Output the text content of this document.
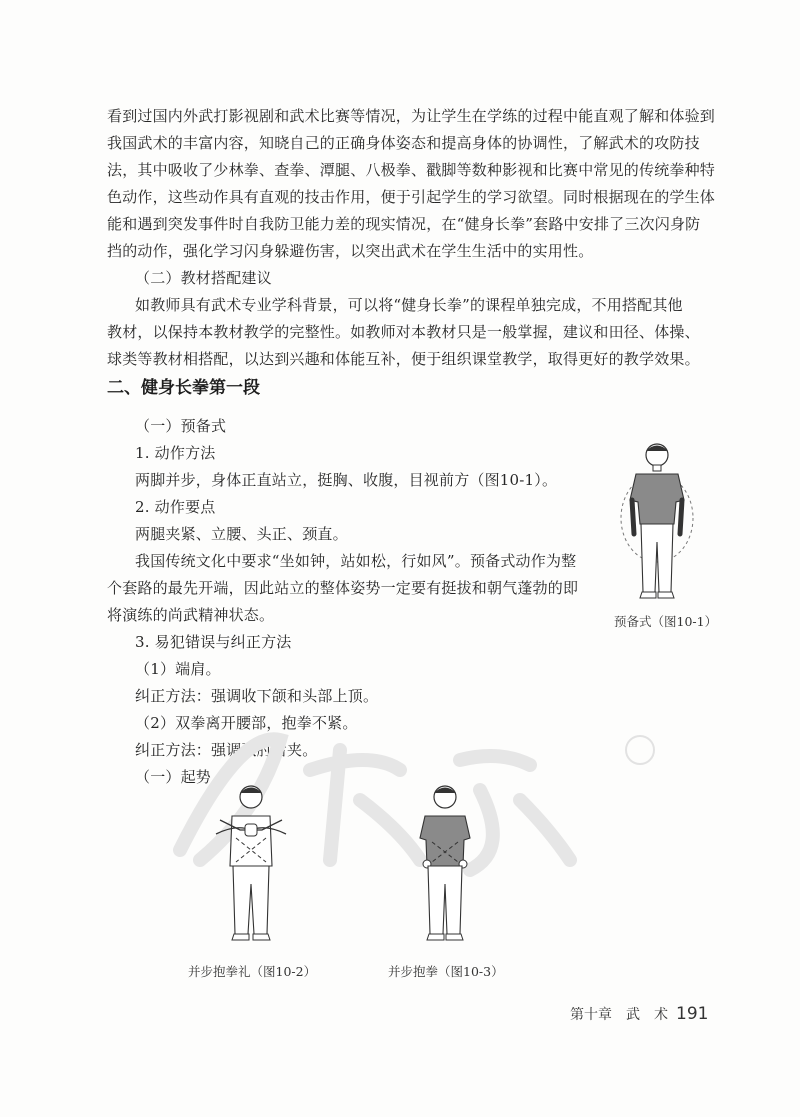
看到过国内外武打影视剧和武术比赛等情况，为让学生在学练的过程中能直观了解和体验到
我国武术的丰富内容，知晓自己的正确身体姿态和提高身体的协调性，了解武术的攻防技
法，其中吸收了少林拳、查拳、潭腿、八极拳、戳脚等数种影视和比赛中常见的传统拳种特
色动作，这些动作具有直观的技击作用，便于引起学生的学习欲望。同时根据现在的学生体
能和遇到突发事件时自我防卫能力差的现实情况，在“健身长拳”套路中安排了三次闪身防
挡的动作，强化学习闪身躲避伤害，以突出武术在学生生活中的实用性。
（二）教材搭配建议
如教师具有武术专业学科背景，可以将“健身长拳”的课程单独完成，不用搭配其他
教材，以保持本教材教学的完整性。如教师对本教材只是一般掌握，建议和田径、体操、
球类等教材相搭配，以达到兴趣和体能互补，便于组织课堂教学，取得更好的教学效果。
二、健身长拳第一段
（一）预备式
1. 动作方法
两脚并步，身体正直站立，挺胸、收腹，目视前方（图10-1）。
2. 动作要点
两腿夹紧、立腰、头正、颈直。
我国传统文化中要求“坐如钟，站如松，行如风”。预备式动作为整
个套路的最先开端，因此站立的整体姿势一定要有挺拔和朝气蓬勃的即
将演练的尚武精神状态。
3. 易犯错误与纠正方法
（1）端肩。
纠正方法：强调收下颌和头部上顶。
（2）双拳离开腰部，抱拳不紧。
纠正方法：强调双肘后夹。
（一）起势
预备式（图10-1）
并步抱拳礼（图10-2）	并步抱拳（图10-3）
第十章　武　术 191
